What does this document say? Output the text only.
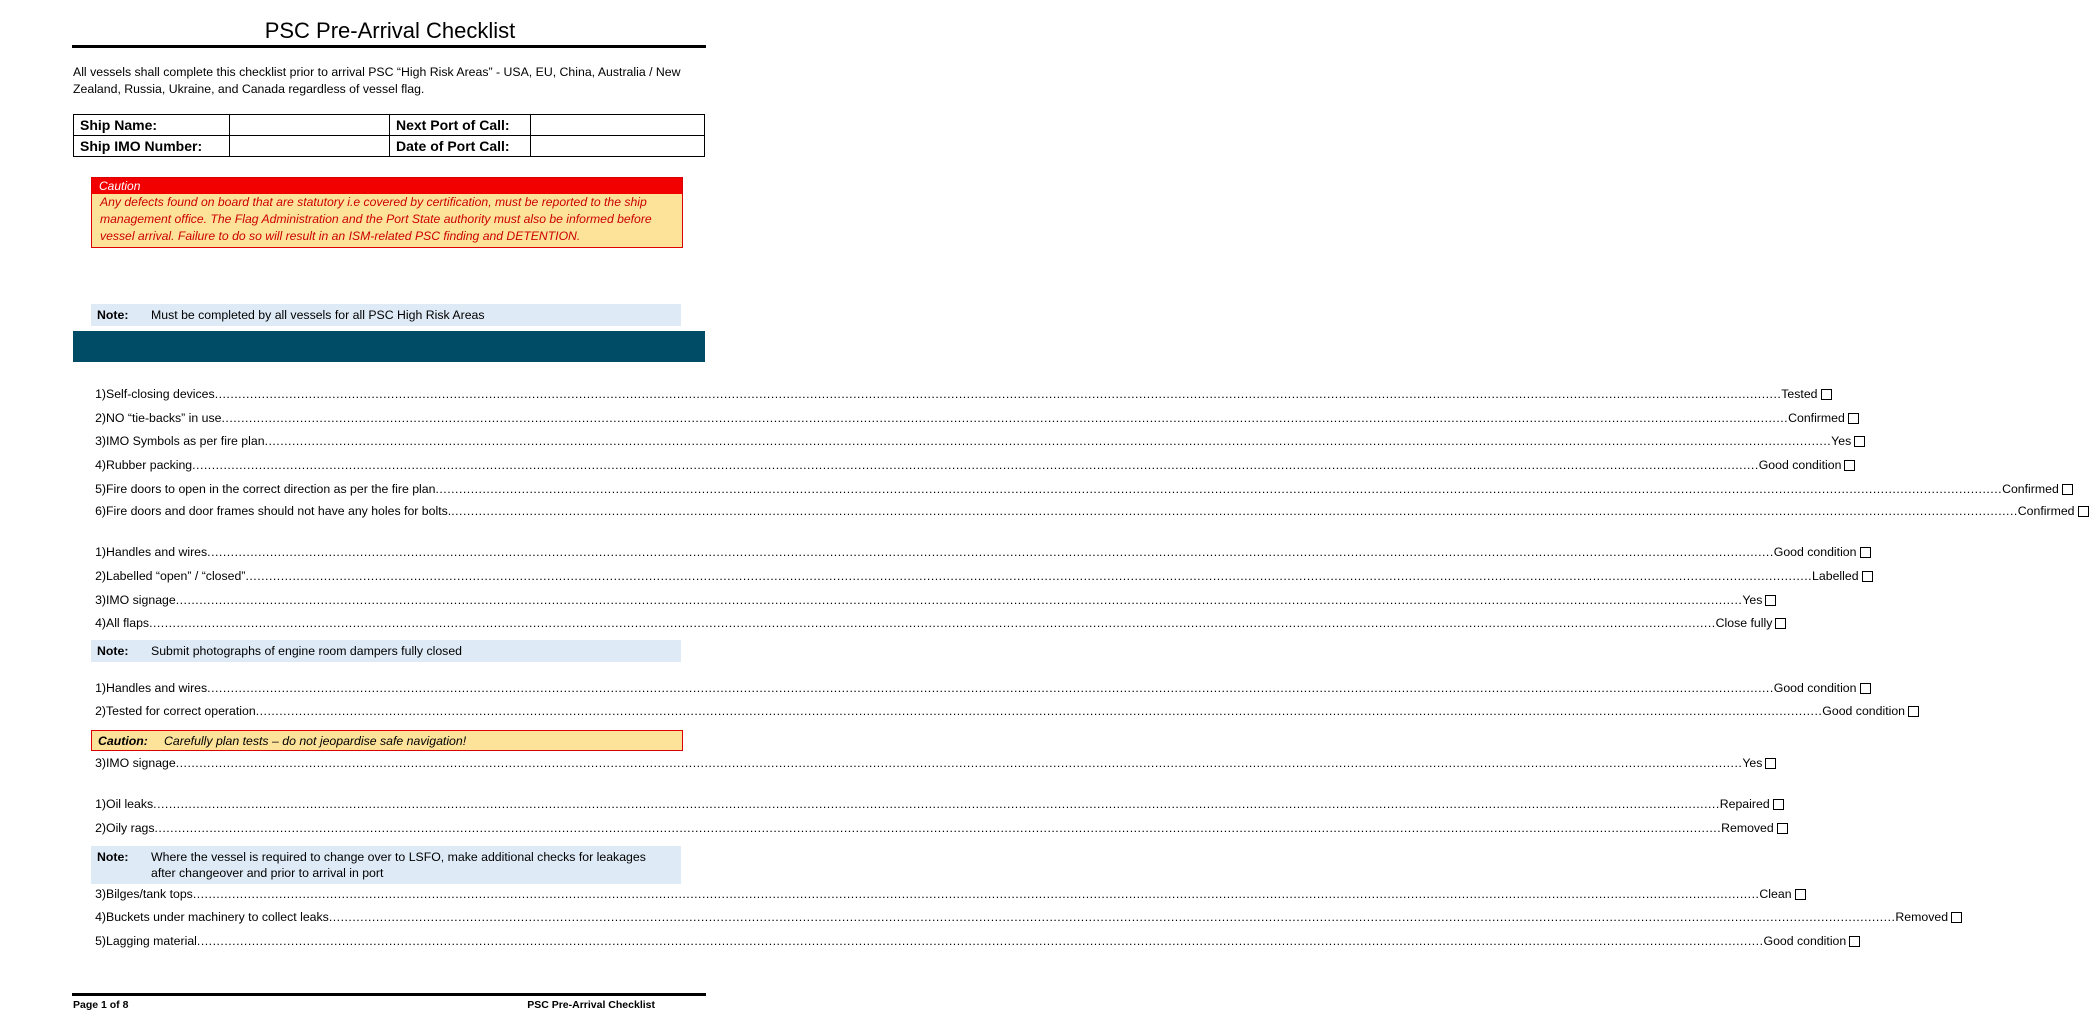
PSC Pre-Arrival Checklist
All vessels shall complete this checklist prior to arrival PSC “High Risk Areas” - USA, EU, China, Australia / New Zealand, Russia, Ukraine, and Canada regardless of vessel flag.
Ship Name:		Next Port of Call:	
Ship IMO Number:		Date of Port Call:	
Caution
Any defects found on board that are statutory i.e covered by certification, must be reported to the ship management office. The Flag Administration and the Port State authority must also be informed before vessel arrival. Failure to do so will result in an ISM-related PSC finding and DETENTION.
Note:	Must be completed by all vessels for all PSC High Risk Areas
1) Self-closing devices ................................................................................................................................................................................................................................................................................................................................................................................................................ Tested
2) NO “tie-backs” in use ................................................................................................................................................................................................................................................................................................................................................................................................................ Confirmed
3) IMO Symbols as per fire plan ................................................................................................................................................................................................................................................................................................................................................................................................................ Yes
4) Rubber packing ................................................................................................................................................................................................................................................................................................................................................................................................................ Good condition
5) Fire doors to open in the correct direction as per the fire plan ................................................................................................................................................................................................................................................................................................................................................................................................................ Confirmed
6) Fire doors and door frames should not have any holes for bolts. ................................................................................................................................................................................................................................................................................................................................................................................................................ Confirmed
1) Handles and wires ................................................................................................................................................................................................................................................................................................................................................................................................................ Good condition
2) Labelled “open” / “closed” ................................................................................................................................................................................................................................................................................................................................................................................................................ Labelled
3) IMO signage ................................................................................................................................................................................................................................................................................................................................................................................................................ Yes
4) All flaps ................................................................................................................................................................................................................................................................................................................................................................................................................ Close fully
Note:	Submit photographs of engine room dampers fully closed
1) Handles and wires ................................................................................................................................................................................................................................................................................................................................................................................................................ Good condition
2) Tested for correct operation ................................................................................................................................................................................................................................................................................................................................................................................................................ Good condition
Caution:	Carefully plan tests – do not jeopardise safe navigation!
3) IMO signage ................................................................................................................................................................................................................................................................................................................................................................................................................ Yes
1) Oil leaks ................................................................................................................................................................................................................................................................................................................................................................................................................ Repaired
2) Oily rags ................................................................................................................................................................................................................................................................................................................................................................................................................ Removed
Note:	Where the vessel is required to change over to LSFO, make additional checks for leakages after changeover and prior to arrival in port
3) Bilges/tank tops ................................................................................................................................................................................................................................................................................................................................................................................................................ Clean
4) Buckets under machinery to collect leaks ................................................................................................................................................................................................................................................................................................................................................................................................................ Removed
5) Lagging material ................................................................................................................................................................................................................................................................................................................................................................................................................ Good condition
Page 1 of 8	PSC Pre-Arrival Checklist
